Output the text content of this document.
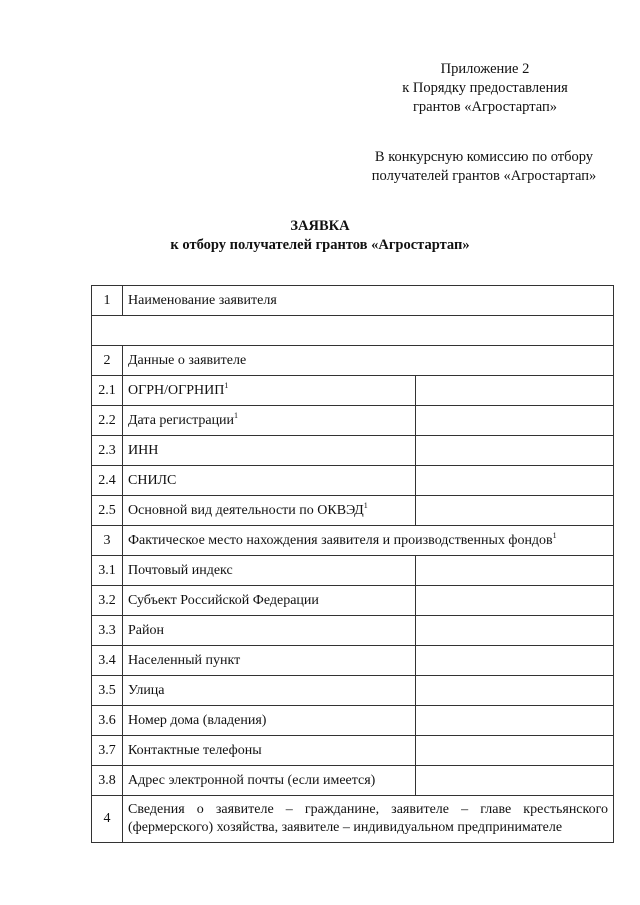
Приложение 2
к Порядку предоставления
грантов «Агростартап»
В конкурсную комиссию по отбору
получателей грантов «Агростартап»
ЗАЯВКА
к отбору получателей грантов «Агростартап»
1	Наименование заявителя	

2	Данные о заявителе	
2.1	ОГРН/ОГРНИП$^1$	
2.2	Дата регистрации$^1$	
2.3	ИНН	
2.4	СНИЛС	
2.5	Основной вид деятельности по ОКВЭД$^1$	
3	Фактическое место нахождения заявителя и производственных фондов$^1$
3.1	Почтовый индекс	
3.2	Субъект Российской Федерации	
3.3	Район	
3.4	Населенный пункт	
3.5	Улица	
3.6	Номер дома (владения)	
3.7	Контактные телефоны	
3.8	Адрес электронной почты (если имеется)	
4	Сведения о заявителе – гражданине, заявителе – главе крестьянского (фермерского) хозяйства, заявителе – индивидуальном предпринимателе	
